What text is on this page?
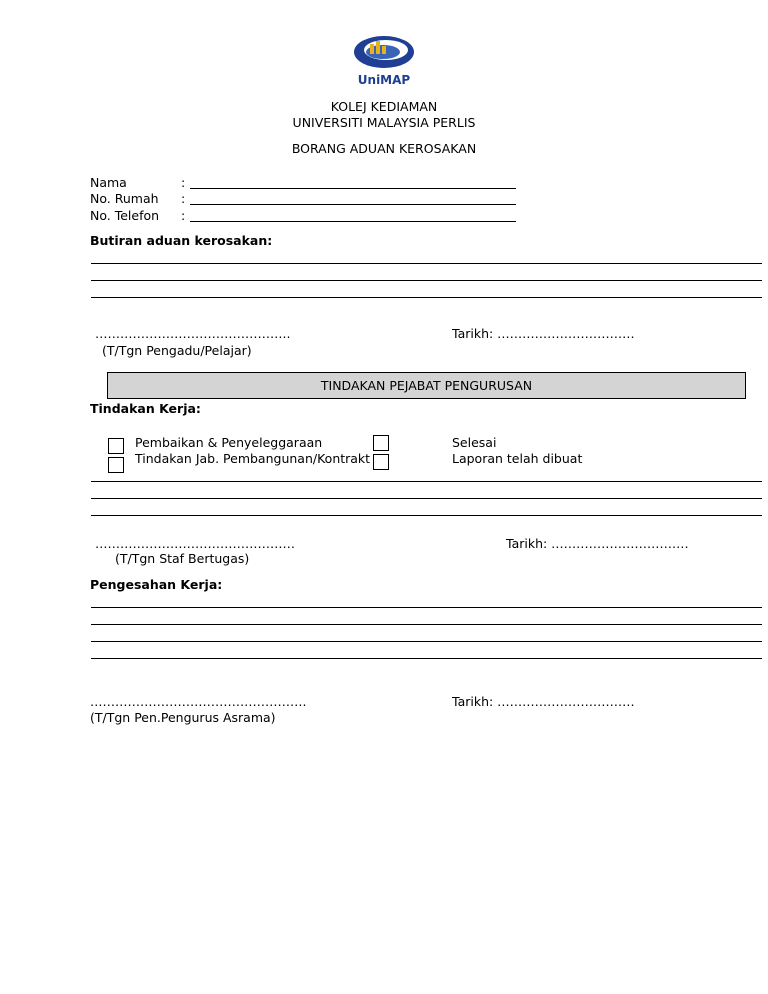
UniMAP
KOLEJ KEDIAMAN
UNIVERSITI MALAYSIA PERLIS
BORANG ADUAN KEROSAKAN
Nama	:
No. Rumah :
No. Telefon :
Butiran aduan kerosakan:
………………………………………..	Tarikh: ……………………………
(T/Tgn Pengadu/Pelajar)
TINDAKAN PEJABAT PENGURUSAN
Tindakan Kerja:
Pembaikan & Penyeleggaraan	Selesai
Tindakan Jab. Pembangunan/Kontrakt	Laporan telah dibuat
…………………………………………	Tarikh: ……………………………
(T/Tgn Staf Bertugas)
Pengesahan Kerja:
…………………………………………….	Tarikh: ……………………………
(T/Tgn Pen.Pengurus Asrama)
